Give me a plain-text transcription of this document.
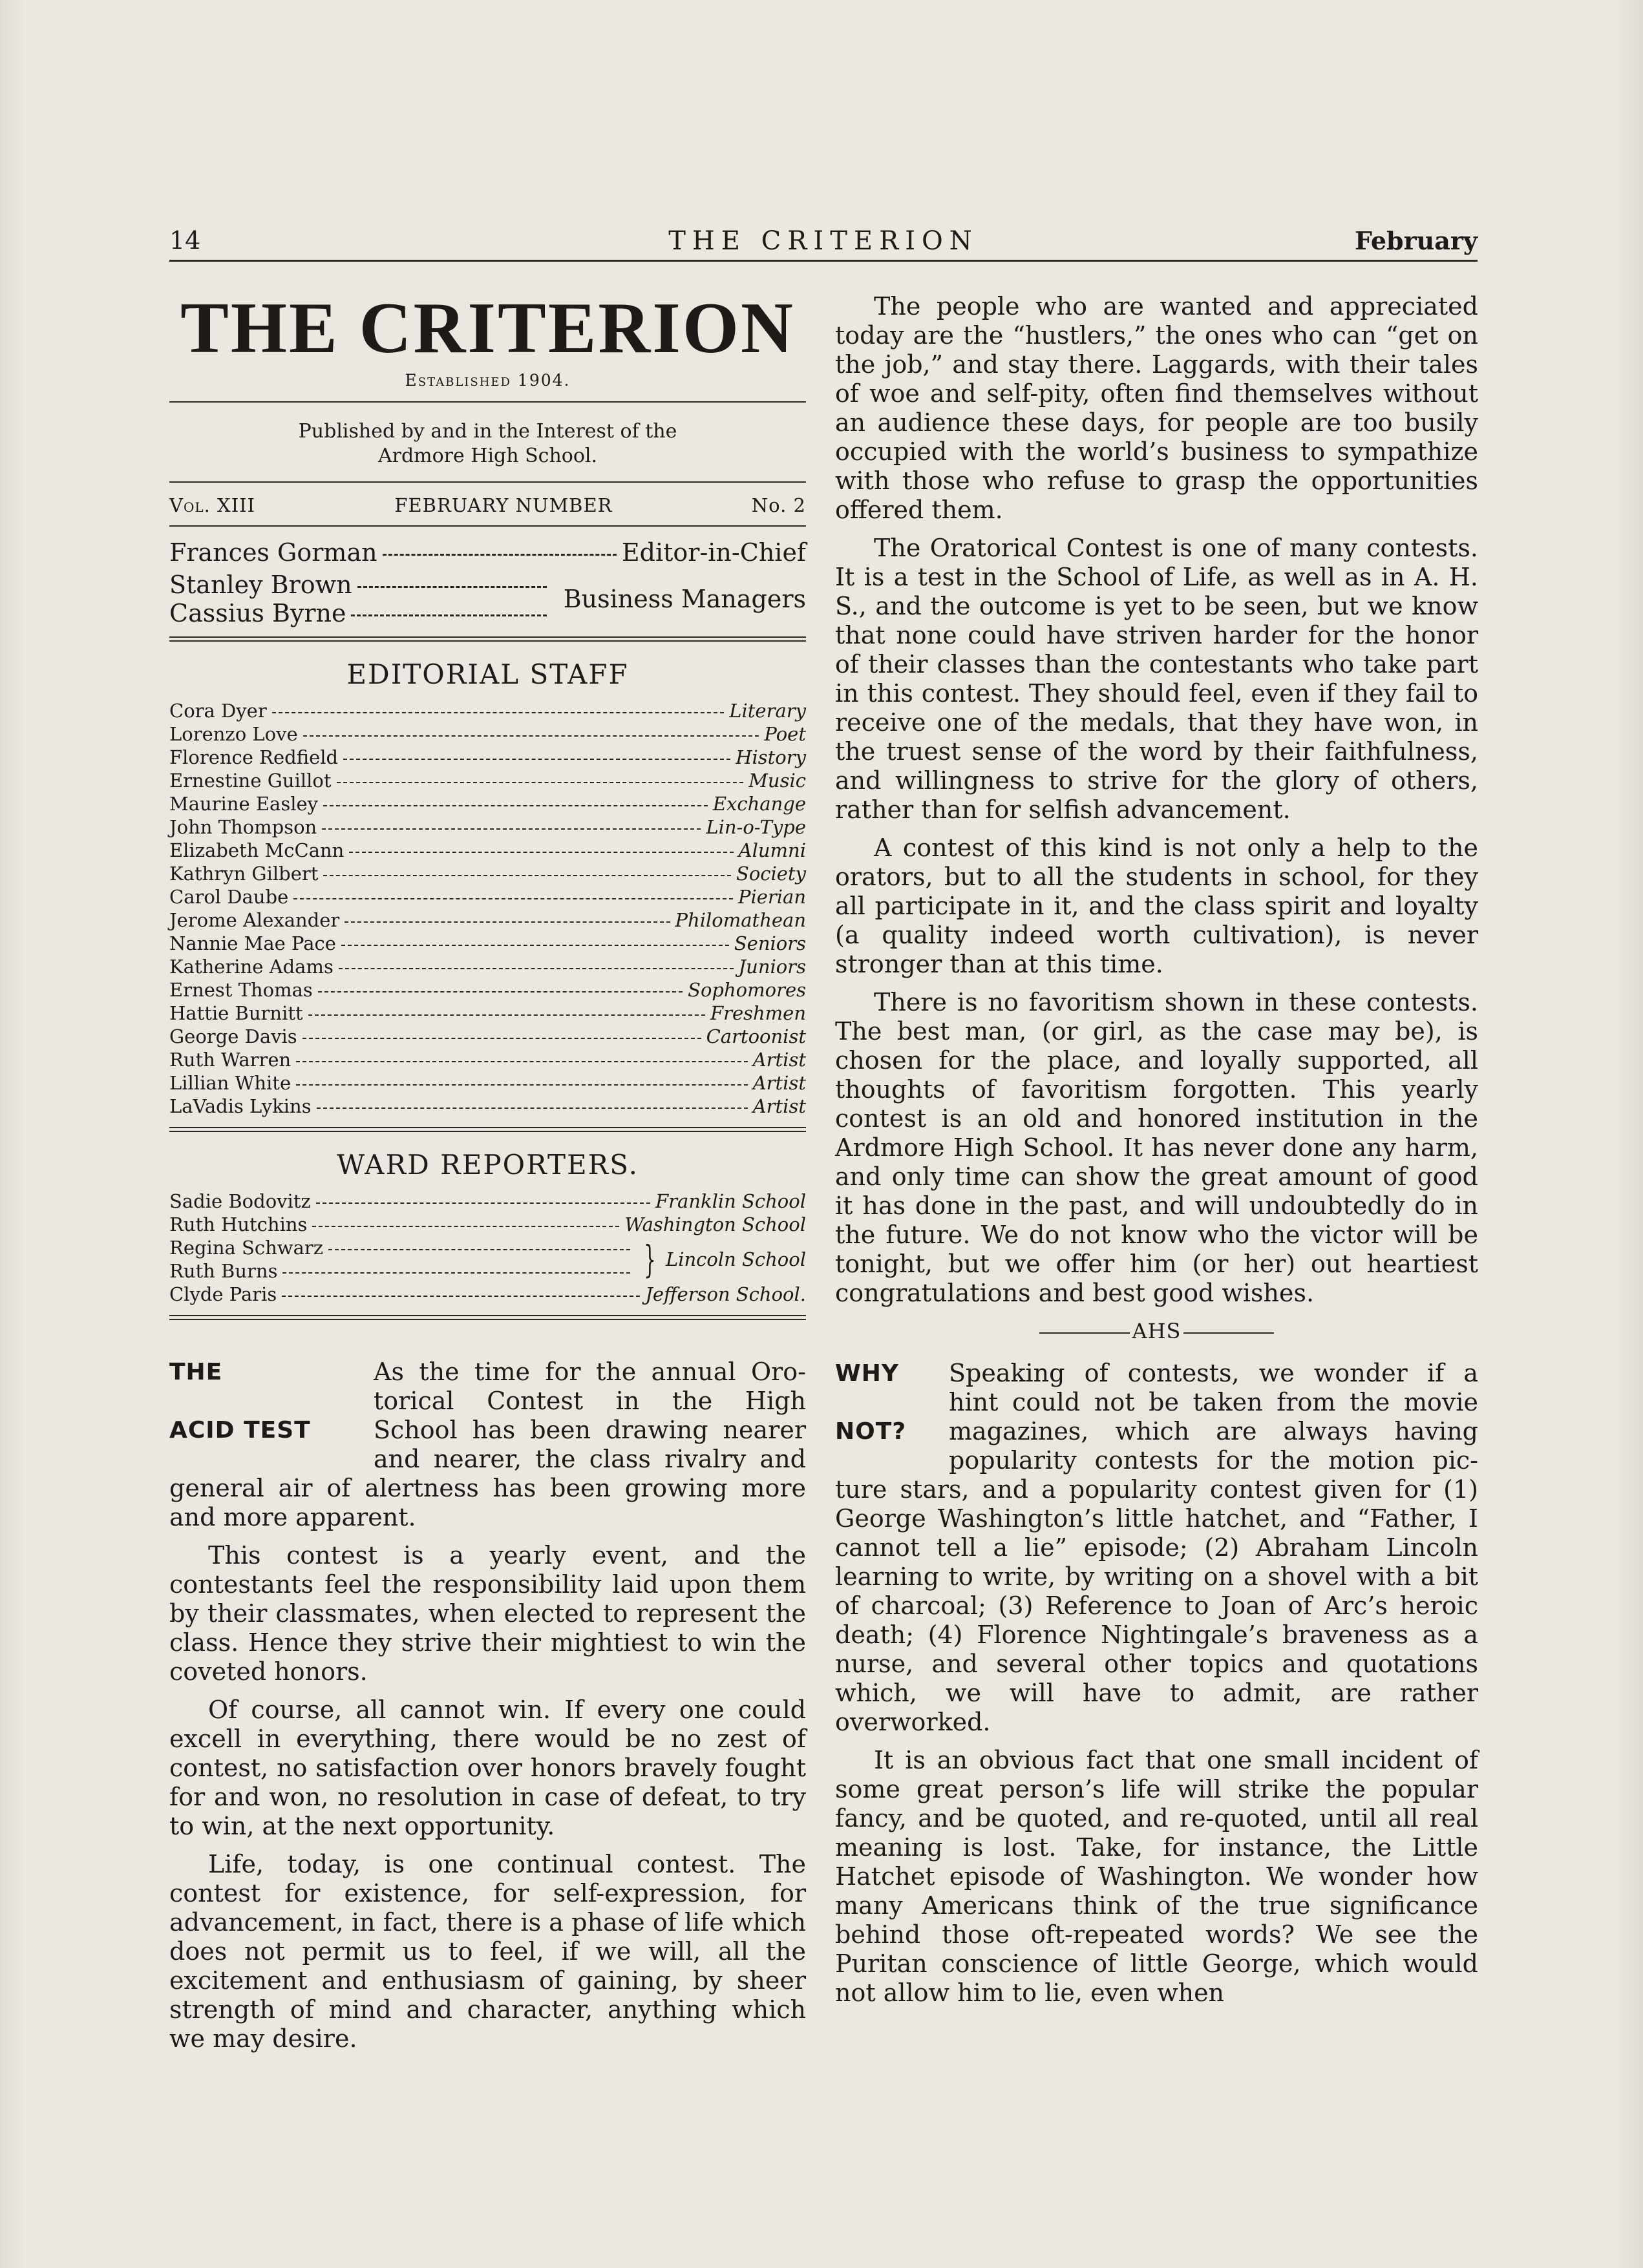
14	THE CRITERION	February
THE CRITERION
Established 1904.
Published by and in the Interest of the
Ardmore High School.
Vol. XIII	FEBRUARY NUMBER	No. 2
Frances Gorman	Editor-in-Chief
Stanley Brown
Cassius Byrne	Business Managers
EDITORIAL STAFF
Cora Dyer	Literary
Lorenzo Love	Poet
Florence Redfield	History
Ernestine Guillot	Music
Maurine Easley	Exchange
John Thompson	Lin-o-Type
Elizabeth McCann	Alumni
Kathryn Gilbert	Society
Carol Daube	Pierian
Jerome Alexander	Philomathean
Nannie Mae Pace	Seniors
Katherine Adams	Juniors
Ernest Thomas	Sophomores
Hattie Burnitt	Freshmen
George Davis	Cartoonist
Ruth Warren	Artist
Lillian White	Artist
LaVadis Lykins	Artist
WARD REPORTERS.
Sadie Bodovitz	Franklin School
Ruth Hutchins	Washington School
Regina Schwarz
Ruth Burns	} Lincoln School
Clyde Paris	Jefferson School.
THE
ACID TEST
As the time for the annual Oro-
torical Contest in the High
School has been drawing nearer
and nearer, the class rivalry and

general air of alertness has been growing more and more apparent.

This contest is a yearly event, and the contestants feel the responsibility laid upon them by their classmates, when elected to represent the class. Hence they strive their mightiest to win the coveted honors.

Of course, all cannot win. If every one could excell in everything, there would be no zest of contest, no satisfaction over honors bravely fought for and won, no resolution in case of defeat, to try to win, at the next opportunity.

Life, today, is one continual contest. The contest for existence, for self-expression, for advancement, in fact, there is a phase of life which does not permit us to feel, if we will, all the excitement and enthusiasm of gaining, by sheer strength of mind and character, anything which we may desire.

The people who are wanted and appreciated today are the “hustlers,” the ones who can “get on the job,” and stay there. Laggards, with their tales of woe and self-pity, often find themselves without an audience these days, for people are too busily occupied with the world’s business to sympathize with those who refuse to grasp the opportunities offered them.

The Oratorical Contest is one of many contests. It is a test in the School of Life, as well as in A. H. S., and the outcome is yet to be seen, but we know that none could have striven harder for the honor of their classes than the contestants who take part in this contest. They should feel, even if they fail to receive one of the medals, that they have won, in the truest sense of the word by their faithfulness, and willingness to strive for the glory of others, rather than for selfish advancement.

A contest of this kind is not only a help to the orators, but to all the students in school, for they all participate in it, and the class spirit and loyalty (a quality indeed worth cultivation), is never stronger than at this time.

There is no favoritism shown in these contests. The best man, (or girl, as the case may be), is chosen for the place, and loyally supported, all thoughts of favoritism forgotten. This yearly contest is an old and honored institution in the Ardmore High School. It has never done any harm, and only time can show the great amount of good it has done in the past, and will undoubtedly do in the future. We do not know who the victor will be tonight, but we offer him (or her) out heartiest congratulations and best good wishes.

AHS
WHY
NOT?
Speaking of contests, we wonder if a
hint could not be taken from the movie
magazines, which are always having
popularity contests for the motion pic-

ture stars, and a popularity contest given for (1) George Washington’s little hatchet, and “Father, I cannot tell a lie” episode; (2) Abraham Lincoln learning to write, by writing on a shovel with a bit of charcoal; (3) Reference to Joan of Arc’s heroic death; (4) Florence Nightingale’s braveness as a nurse, and several other topics and quotations which, we will have to admit, are rather overworked.

It is an obvious fact that one small incident of some great person’s life will strike the popular fancy, and be quoted, and re-quoted, until all real meaning is lost. Take, for instance, the Little Hatchet episode of Washington. We wonder how many Americans think of the true significance behind those oft-repeated words? We see the Puritan conscience of little George, which would not allow him to lie, even when
